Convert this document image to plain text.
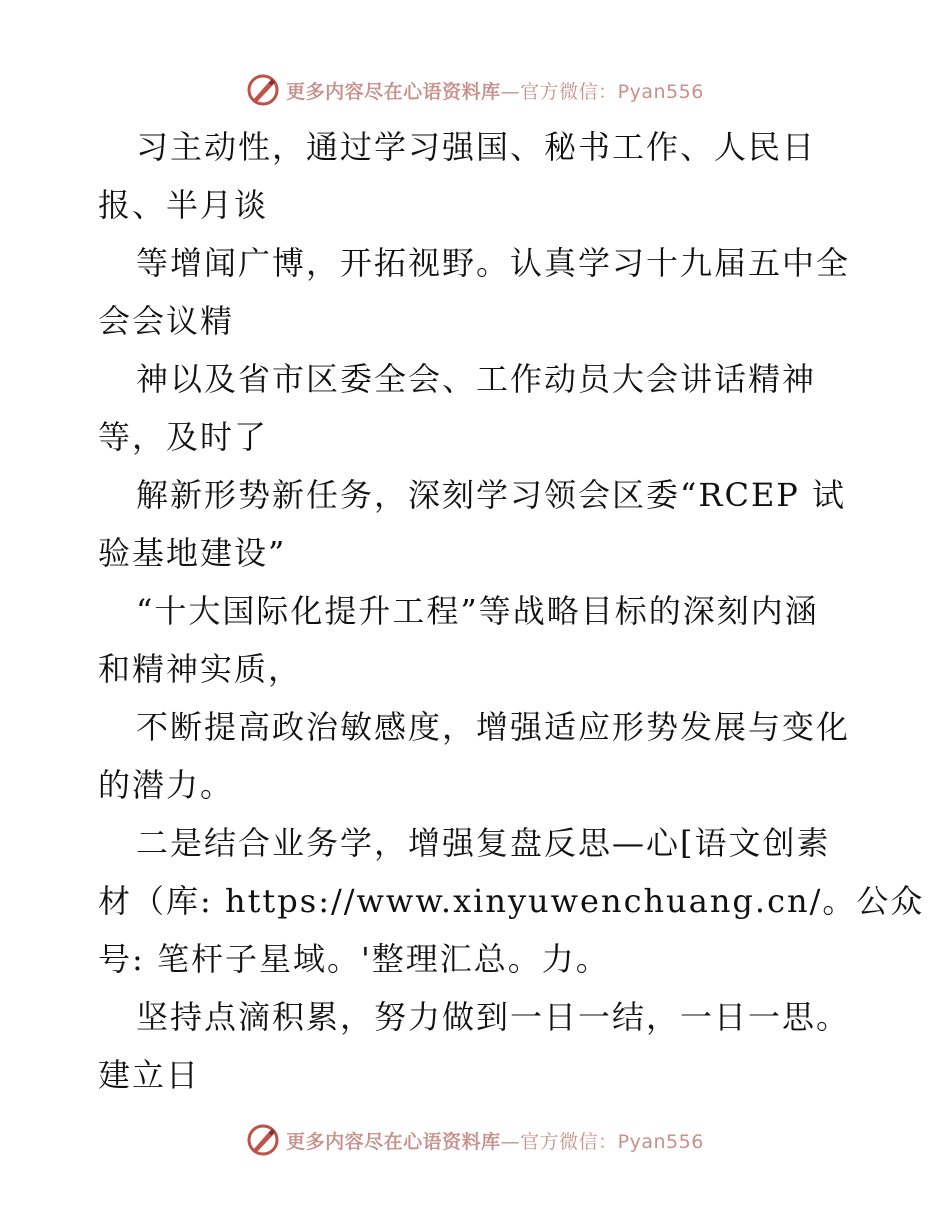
更多内容尽在心语资料库—官方微信：Pyan556
习主动性，通过学习强国、秘书工作、人民日
报、半月谈
等增闻广博，开拓视野。认真学习十九届五中全
会会议精
神以及省市区委全会、工作动员大会讲话精神
等，及时了
解新形势新任务，深刻学习领会区委“RCEP 试
验基地建设”
“十大国际化提升工程”等战略目标的深刻内涵
和精神实质，
不断提高政治敏感度，增强适应形势发展与变化
的潜力。
二是结合业务学，增强复盘反思—心[语文创素
材（库: https://www.xinyuwenchuang.cn/。公众
号: 笔杆子星域。'整理汇总。力。
坚持点滴积累，努力做到一日一结，一日一思。
建立日
更多内容尽在心语资料库—官方微信：Pyan556
